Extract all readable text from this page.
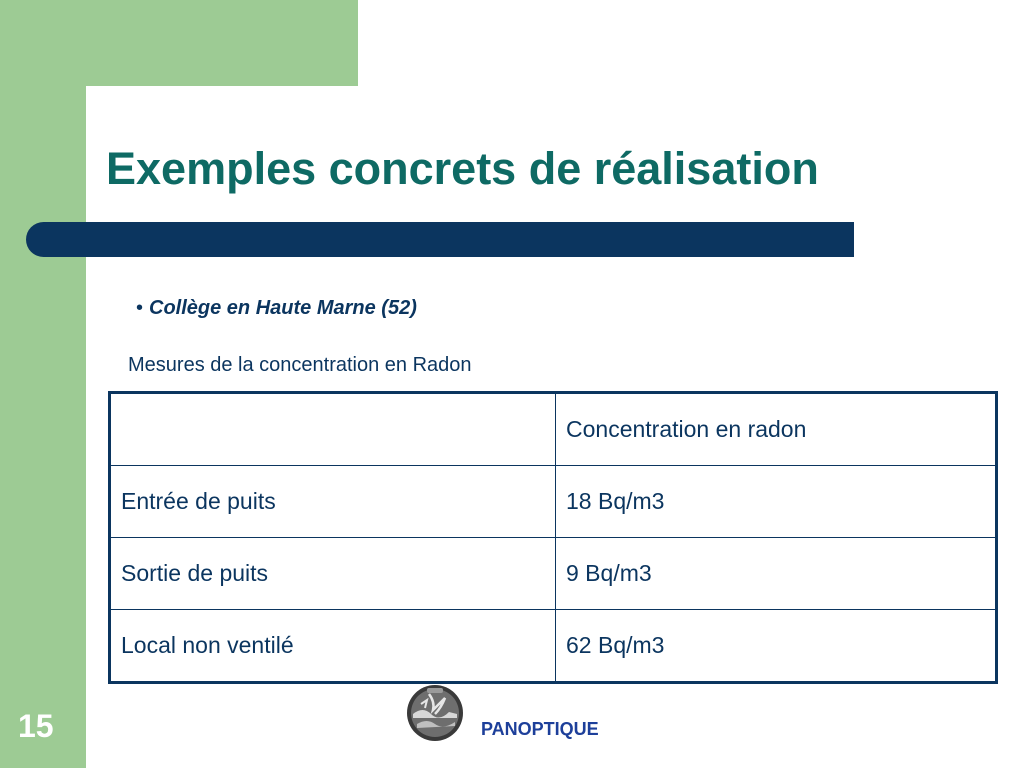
Exemples concrets de réalisation
• Collège en Haute Marne (52)
Mesures de la concentration en Radon
	Concentration en radon
Entrée de puits	18 Bq/m3
Sortie de puits	9 Bq/m3
Local non ventilé	62 Bq/m3
15	PANOPTIQUE
